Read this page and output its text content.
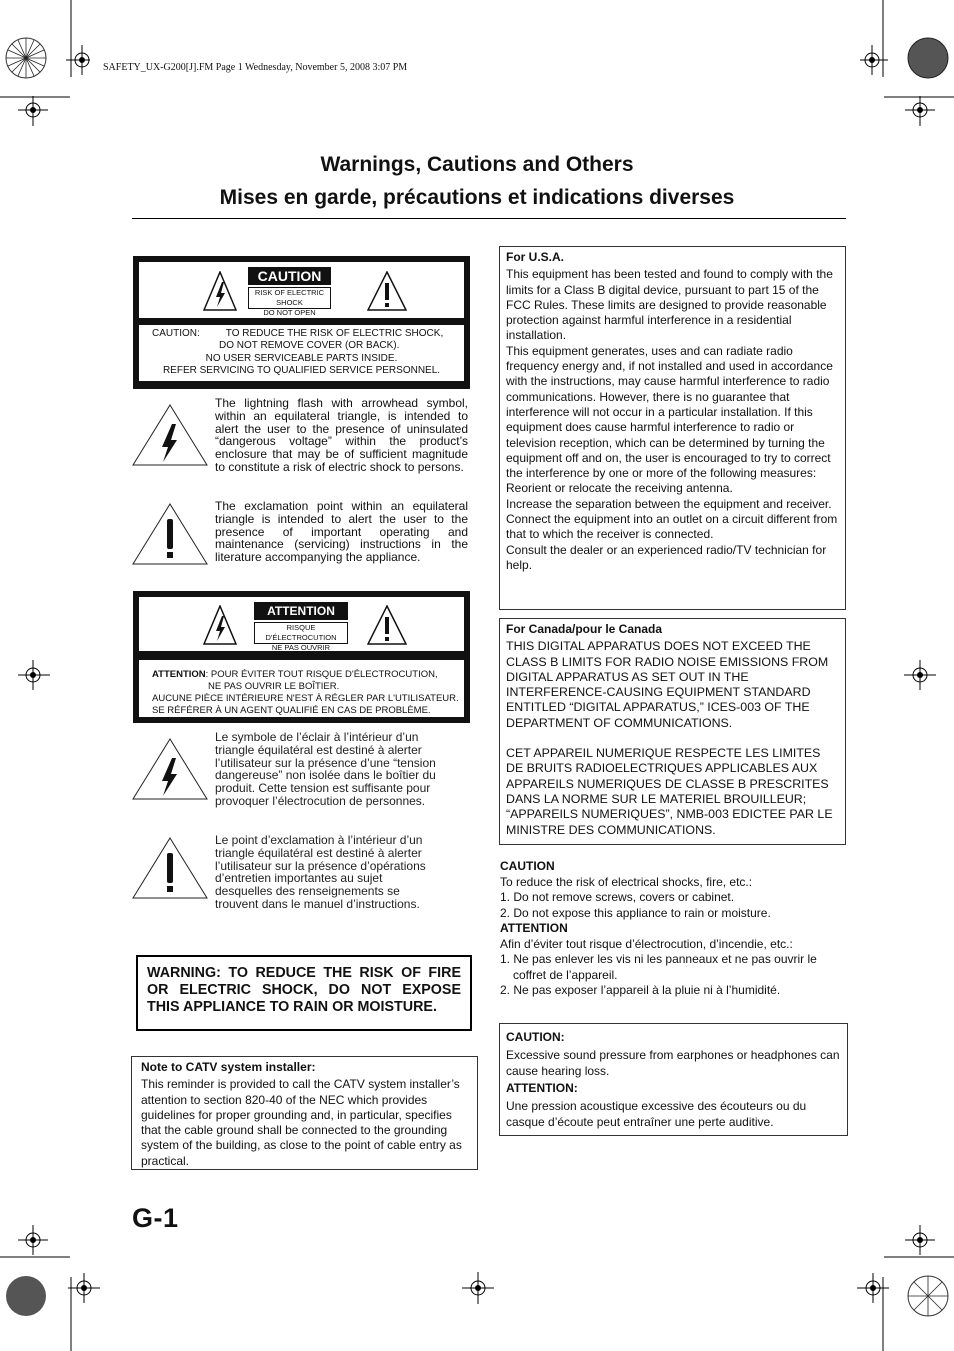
SAFETY_UX-G200[J].FM Page 1 Wednesday, November 5, 2008 3:07 PM
Warnings, Cautions and Others
Mises en garde, précautions et indications diverses
CAUTION
RISK OF ELECTRIC SHOCK
DO NOT OPEN
CAUTION:	TO REDUCE THE RISK OF ELECTRIC SHOCK,
DO NOT REMOVE COVER (OR BACK).
NO USER SERVICEABLE PARTS INSIDE.
REFER SERVICING TO QUALIFIED SERVICE PERSONNEL.
The lightning flash with arrowhead symbol, within an equilateral triangle, is intended to alert the user to the presence of uninsulated “dangerous voltage” within the product’s enclosure that may be of sufficient magnitude to constitute a risk of electric shock to persons.
The exclamation point within an equilateral triangle is intended to alert the user to the presence of important operating and maintenance (servicing) instructions in the literature accompanying the appliance.
ATTENTION
RISQUE D'ÉLECTROCUTION
NE PAS OUVRIR
ATTENTION: POUR ÉVITER TOUT RISQUE D'ÉLECTROCUTION,
NE PAS OUVRIR LE BOÎTIER.
AUCUNE PIÈCE INTÉRIEURE N'EST À RÉGLER PAR L'UTILISATEUR.
SE RÉFÉRER À UN AGENT QUALIFIÉ EN CAS DE PROBLÈME.
Le symbole de l’éclair à l’intérieur d’un triangle équilatéral est destiné à alerter l’utilisateur sur la présence d’une “tension dangereuse” non isolée dans le boîtier du produit. Cette tension est suffisante pour provoquer l’électrocution de personnes.
Le point d’exclamation à l’intérieur d’un triangle équilatéral est destiné à alerter l’utilisateur sur la présence d’opérations d’entretien importantes au sujet desquelles des renseignements se trouvent dans le manuel d’instructions.
WARNING: TO REDUCE THE RISK OF FIRE OR ELECTRIC SHOCK, DO NOT EXPOSE THIS APPLIANCE TO RAIN OR MOISTURE.
Note to CATV system installer:
This reminder is provided to call the CATV system installer’s attention to section 820-40 of the NEC which provides guidelines for proper grounding and, in particular, specifies that the cable ground shall be connected to the grounding system of the building, as close to the point of cable entry as practical.
For U.S.A.
This equipment has been tested and found to comply with the limits for a Class B digital device, pursuant to part 15 of the FCC Rules. These limits are designed to provide reasonable protection against harmful interference in a residential installation.
This equipment generates, uses and can radiate radio frequency energy and, if not installed and used in accordance with the instructions, may cause harmful interference to radio communications. However, there is no guarantee that interference will not occur in a particular installation. If this equipment does cause harmful interference to radio or television reception, which can be determined by turning the equipment off and on, the user is encouraged to try to correct the interference by one or more of the following measures:
Reorient or relocate the receiving antenna.
Increase the separation between the equipment and receiver.
Connect the equipment into an outlet on a circuit different from that to which the receiver is connected.
Consult the dealer or an experienced radio/TV technician for help.
For Canada/pour le Canada
THIS DIGITAL APPARATUS DOES NOT EXCEED THE CLASS B LIMITS FOR RADIO NOISE EMISSIONS FROM DIGITAL APPARATUS AS SET OUT IN THE INTERFERENCE-CAUSING EQUIPMENT STANDARD ENTITLED “DIGITAL APPARATUS,” ICES-003 OF THE DEPARTMENT OF COMMUNICATIONS.
CET APPAREIL NUMERIQUE RESPECTE LES LIMITES DE BRUITS RADIOELECTRIQUES APPLICABLES AUX APPAREILS NUMERIQUES DE CLASSE B PRESCRITES DANS LA NORME SUR LE MATERIEL BROUILLEUR; “APPAREILS NUMERIQUES”, NMB-003 EDICTEE PAR LE MINISTRE DES COMMUNICATIONS.
CAUTION
To reduce the risk of electrical shocks, fire, etc.:
1. Do not remove screws, covers or cabinet.
2. Do not expose this appliance to rain or moisture.
ATTENTION
Afin d’éviter tout risque d’électrocution, d’incendie, etc.:
1. Ne pas enlever les vis ni les panneaux et ne pas ouvrir le coffret de l’appareil.
2. Ne pas exposer l’appareil à la pluie ni à l’humidité.
CAUTION:
Excessive sound pressure from earphones or headphones can cause hearing loss.
ATTENTION:
Une pression acoustique excessive des écouteurs ou du casque d’écoute peut entraîner une perte auditive.
G-1
